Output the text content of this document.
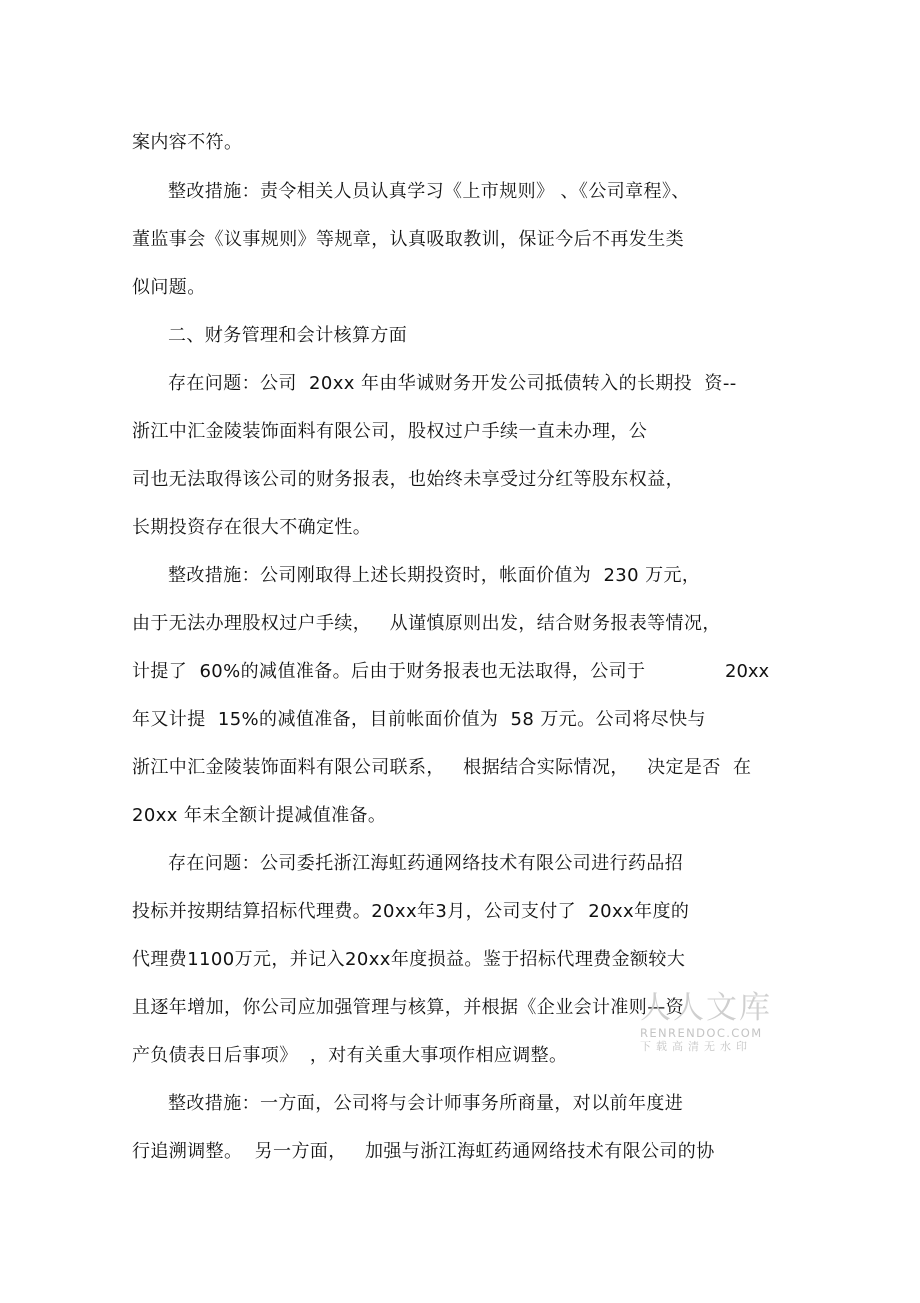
案内容不符。
整改措施：责令相关人员认真学习《上市规则》 、《公司章程》、
董监事会《议事规则》等规章，认真吸取教训，保证今后不再发生类
似问题。
二、财务管理和会计核算方面
存在问题：公司  20xx 年由华诚财务开发公司抵债转入的长期投  资--
浙江中汇金陵装饰面料有限公司，股权过户手续一直未办理，公
司也无法取得该公司的财务报表，也始终未享受过分红等股东权益，
长期投资存在很大不确定性。
整改措施：公司刚取得上述长期投资时，帐面价值为  230 万元，
由于无法办理股权过户手续，   从谨慎原则出发，结合财务报表等情况，
计提了  60%的减值准备。后由于财务报表也无法取得，公司于	20xx
年又计提  15%的减值准备，目前帐面价值为  58 万元。公司将尽快与
浙江中汇金陵装饰面料有限公司联系，   根据结合实际情况，   决定是否  在
20xx 年末全额计提减值准备。
存在问题：公司委托浙江海虹药通网络技术有限公司进行药品招
投标并按期结算招标代理费。20xx年3月，公司支付了  20xx年度的
代理费1100万元，并记入20xx年度损益。鉴于招标代理费金额较大
且逐年增加，你公司应加强管理与核算，并根据《企业会计准则—资
产负债表日后事项》  ，对有关重大事项作相应调整。
整改措施：一方面，公司将与会计师事务所商量，对以前年度进
行追溯调整。  另一方面，   加强与浙江海虹药通网络技术有限公司的协
人人文库
RENRENDOC.COM
下载高清无水印
